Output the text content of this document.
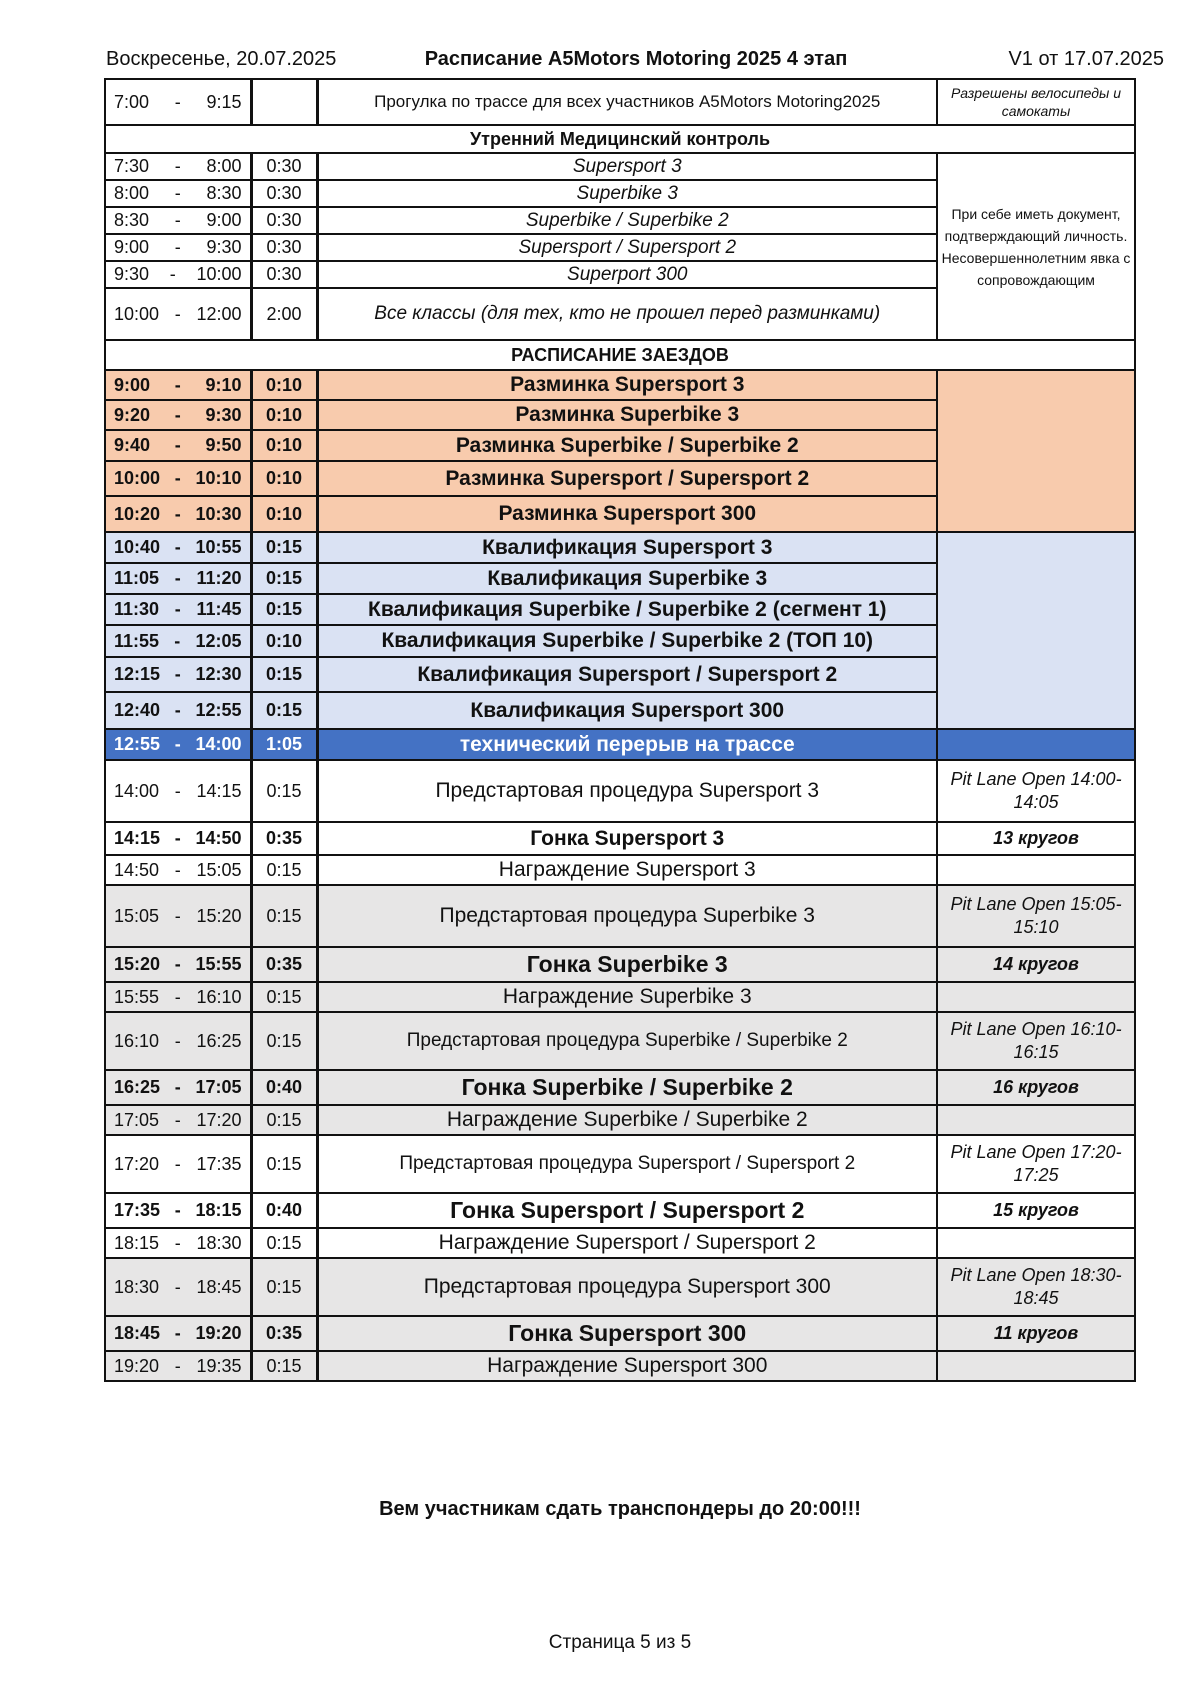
Воскресенье, 20.07.2025	Расписание A5Motors Motoring 2025 4 этап	V1 от 17.07.2025
7:00 - 9:15		Прогулка по трассе для всех участников A5Motors Motoring2025	Разрешены велосипеды и самокаты
Утренний Медицинский контроль			

7:30 - 8:00	0:30	Supersport 3	При себе иметь документ, подтверждающий личность. Несовершеннолетним явка с сопровождающим

8:00 - 8:30	0:30	Superbike 3	

8:30 - 9:00	0:30	Superbike / Superbike 2	

9:00 - 9:30	0:30	Supersport / Supersport 2	

9:30 - 10:00	0:30	Superport 300	

10:00 - 12:00	2:00	Все классы (для тех, кто не прошел перед разминками)	
РАСПИСАНИЕ ЗАЕЗДОВ			

9:00 - 9:10	0:10	Разминка Supersport 3	

9:20 - 9:30	0:10	Разминка Superbike 3	

9:40 - 9:50	0:10	Разминка Superbike / Superbike 2	

10:00 - 10:10	0:10	Разминка Supersport / Supersport 2	

10:20 - 10:30	0:10	Разминка Supersport 300	

10:40 - 10:55	0:15	Квалификация Supersport 3	

11:05 - 11:20	0:15	Квалификация Superbike 3	

11:30 - 11:45	0:15	Квалификация Superbike / Superbike 2 (сегмент 1)	

11:55 - 12:05	0:10	Квалификация Superbike / Superbike 2 (ТОП 10)	

12:15 - 12:30	0:15	Квалификация Supersport / Supersport 2	

12:40 - 12:55	0:15	Квалификация Supersport 300	

12:55 - 14:00	1:05	технический перерыв на трассе	

14:00 - 14:15	0:15	Предстартовая процедура Supersport 3	Pit Lane Open 14:00-14:05

14:15 - 14:50	0:35	Гонка Supersport 3	13 кругов

14:50 - 15:05	0:15	Награждение Supersport 3	

15:05 - 15:20	0:15	Предстартовая процедура Superbike 3	Pit Lane Open 15:05-15:10

15:20 - 15:55	0:35	Гонка Superbike 3	14 кругов

15:55 - 16:10	0:15	Награждение Superbike 3	

16:10 - 16:25	0:15	Предстартовая процедура Superbike / Superbike 2	Pit Lane Open 16:10-16:15

16:25 - 17:05	0:40	Гонка Superbike / Superbike 2	16 кругов

17:05 - 17:20	0:15	Награждение Superbike / Superbike 2	

17:20 - 17:35	0:15	Предстартовая процедура Supersport / Supersport 2	Pit Lane Open 17:20-17:25

17:35 - 18:15	0:40	Гонка Supersport / Supersport 2	15 кругов

18:15 - 18:30	0:15	Награждение Supersport / Supersport 2	

18:30 - 18:45	0:15	Предстартовая процедура Supersport 300	Pit Lane Open 18:30-18:45

18:45 - 19:20	0:35	Гонка Supersport 300	11 кругов

19:20 - 19:35	0:15	Награждение Supersport 300	
Вем участникам сдать транспондеры до 20:00!!!
Страница 5 из 5
